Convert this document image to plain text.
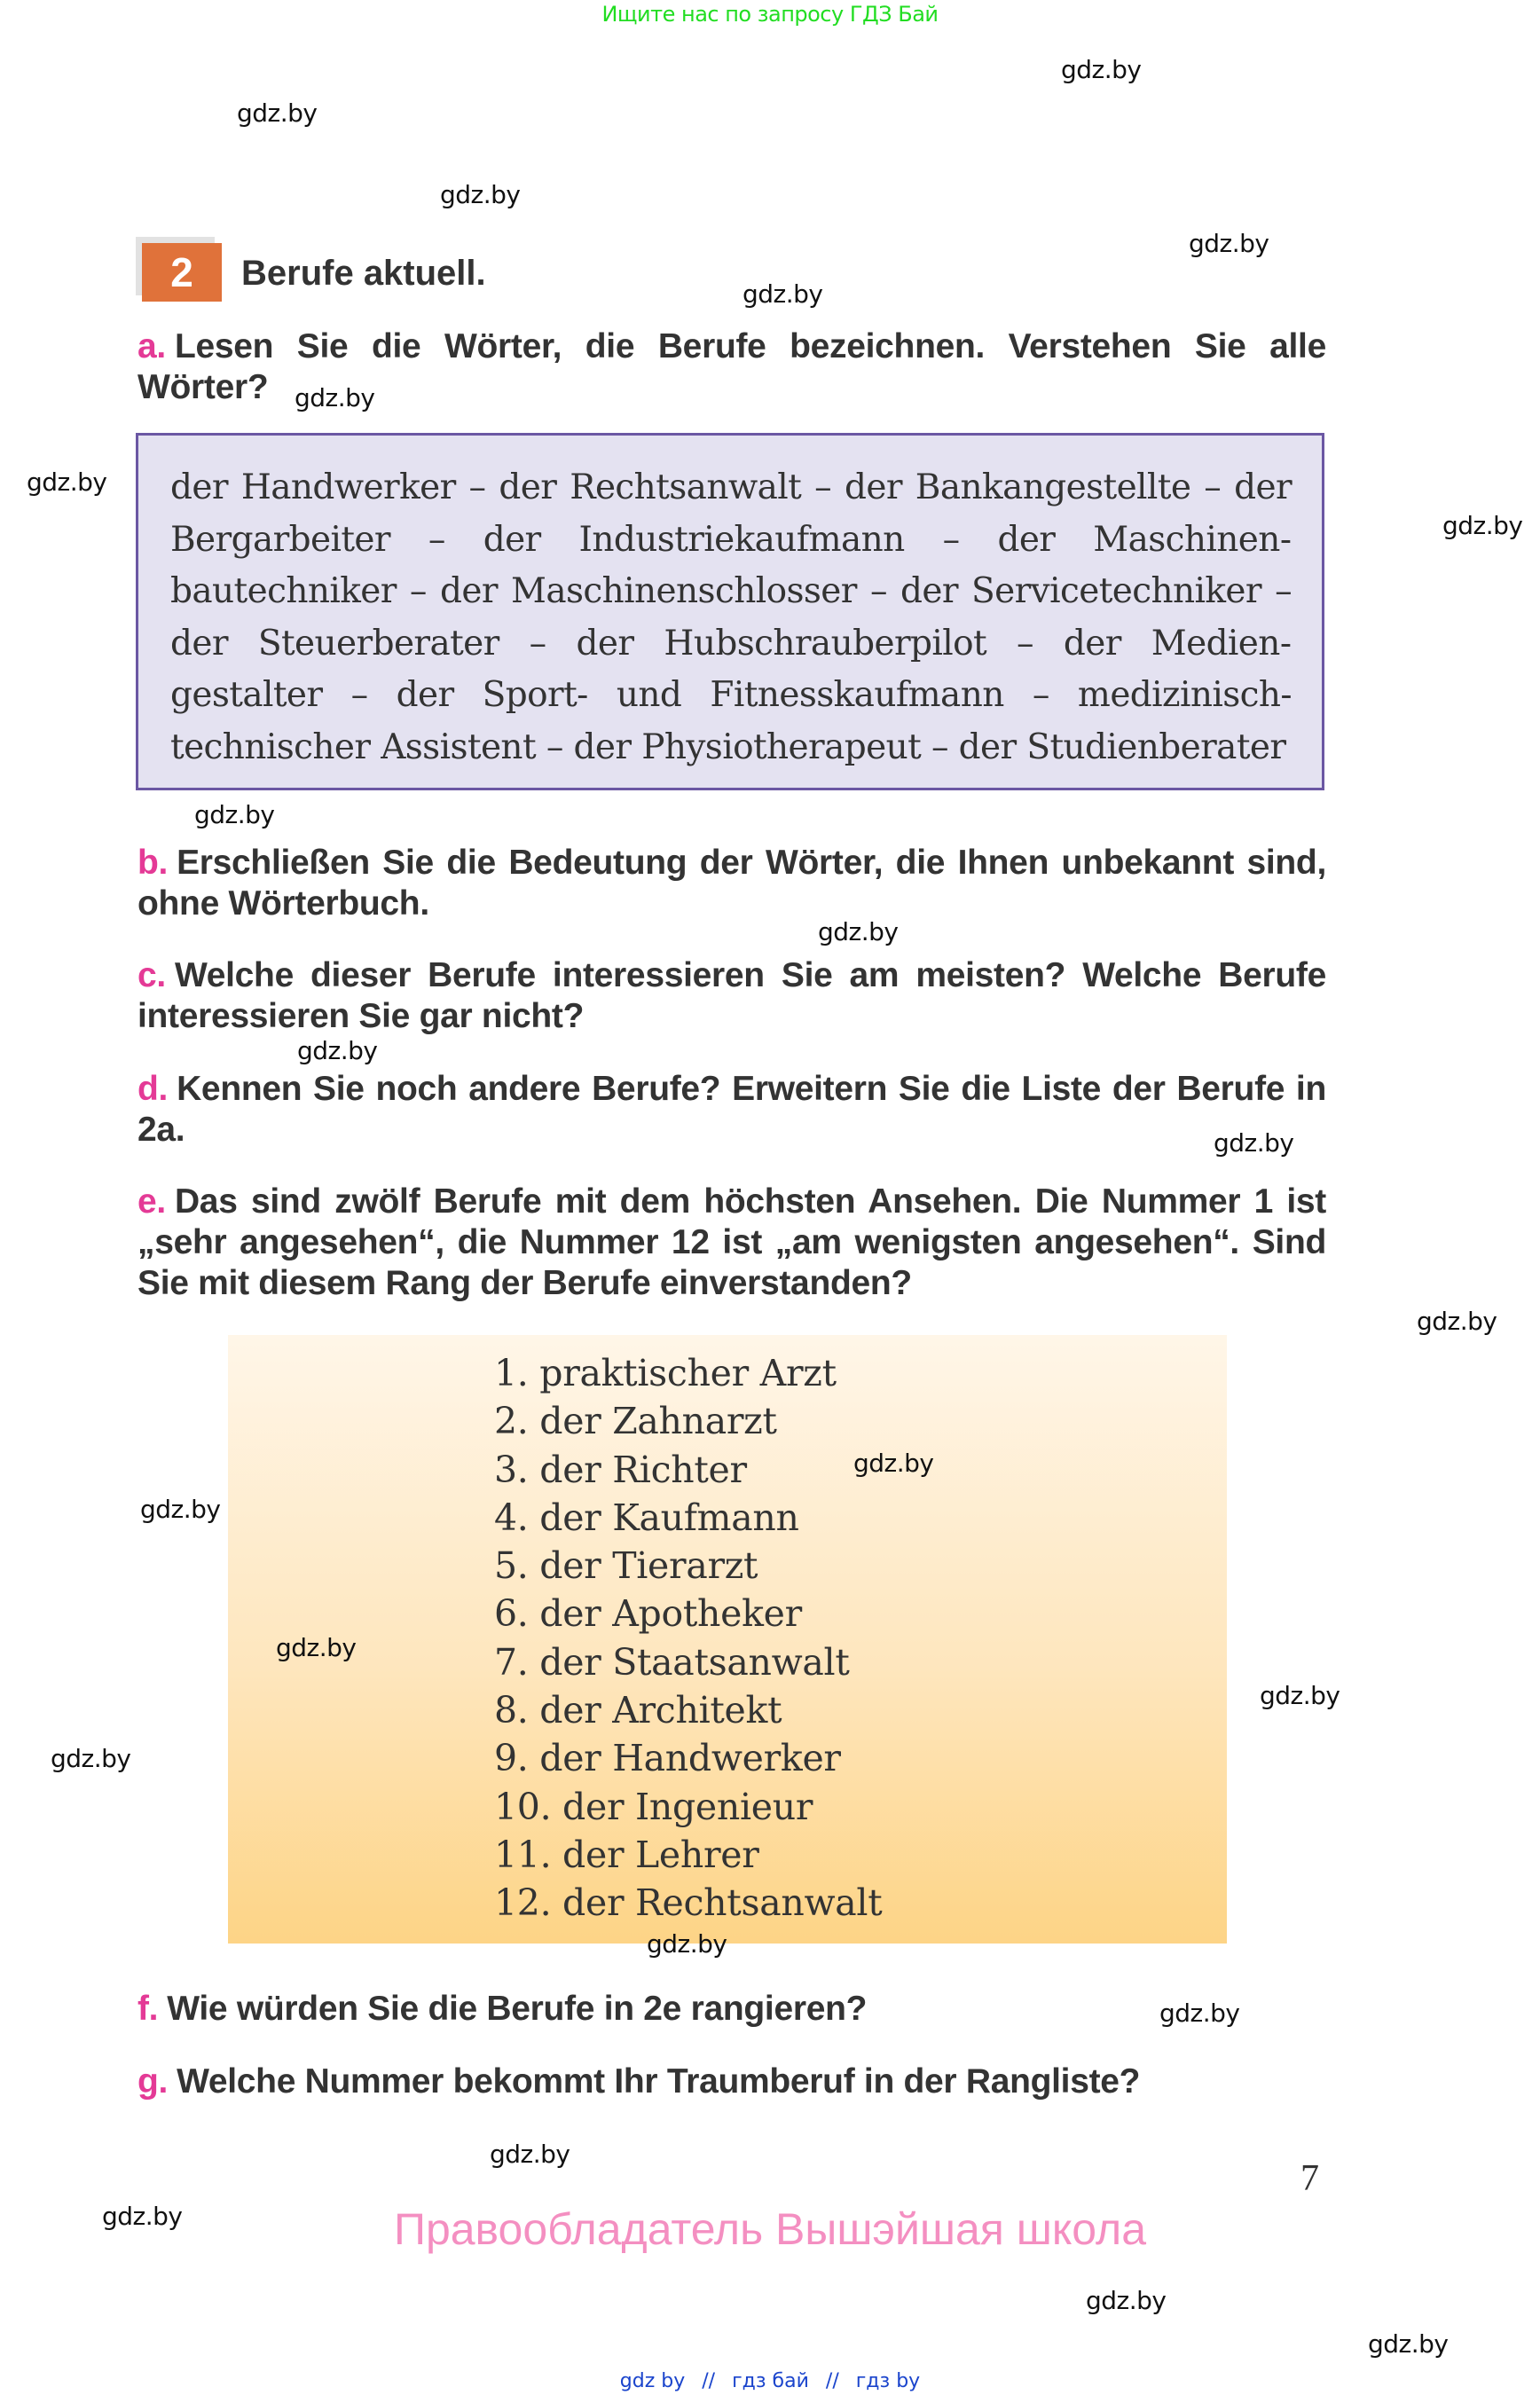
Ищите нас по запросу ГДЗ Бай
gdz.by
gdz.by
gdz.by
gdz.by
gdz.by
gdz.by
gdz.by
gdz.by
gdz.by
gdz.by
gdz.by
gdz.by
gdz.by
gdz.by
gdz.by
gdz.by
gdz.by
gdz.by
gdz.by
gdz.by
gdz.by
2	Berufe aktuell.
a. Lesen Sie die Wörter, die Berufe bezeichnen. Verstehen Sie alle Wörter?
der Handwerker – der Rechtsanwalt – der Bankangestellte – der Bergarbeiter – der Industriekaufmann – der Maschinenbautechniker – der Maschinenschlosser – der Servicetechniker – der Steuerberater – der Hubschrauberpilot – der Mediengestalter – der Sport- und Fitnesskaufmann – medizinisch-technischer Assistent – der Physiotherapeut – der Studienberater
b. Erschließen Sie die Bedeutung der Wörter, die Ihnen unbekannt sind, ohne Wörterbuch.
c. Welche dieser Berufe interessieren Sie am meisten? Welche Berufe interessieren Sie gar nicht?
d. Kennen Sie noch andere Berufe? Erweitern Sie die Liste der Berufe in 2a.
e. Das sind zwölf Berufe mit dem höchsten Ansehen. Die Nummer 1 ist „sehr angesehen“, die Nummer 12 ist „am wenigsten angesehen“. Sind Sie mit diesem Rang der Berufe einverstanden?
1. praktischer Arzt
2. der Zahnarzt
3. der Richter
4. der Kaufmann
5. der Tierarzt
6. der Apotheker
7. der Staatsanwalt
8. der Architekt
9. der Handwerker
10. der Ingenieur
11. der Lehrer
12. der Rechtsanwalt
gdz.by
gdz.by
gdz.by
f. Wie würden Sie die Berufe in 2e rangieren?
g. Welche Nummer bekommt Ihr Traumberuf in der Rangliste?
7
Правообладатель Вышэйшая школа
gdz by // гдз бай // гдз by
